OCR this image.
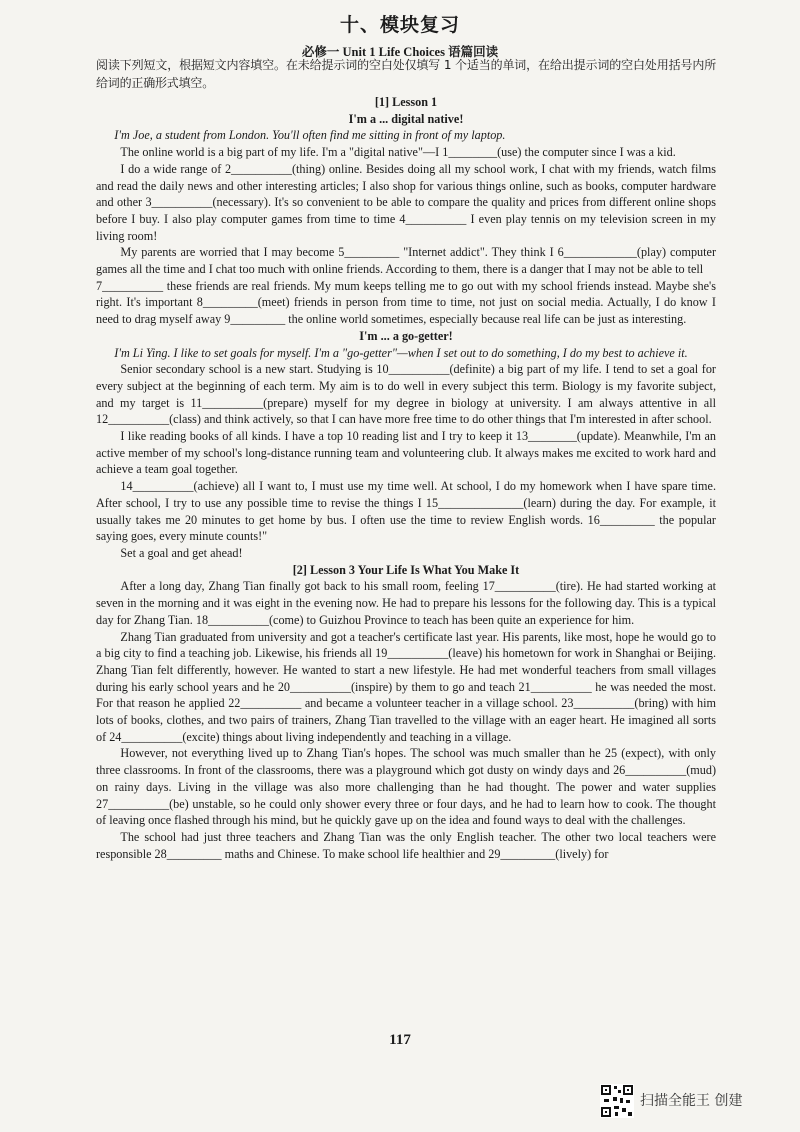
十、模块复习
必修一 Unit 1 Life Choices 语篇回读
阅读下列短文，根据短文内容填空。在未给提示词的空白处仅填写 1 个适当的单词，在给出提示词的空白处用括号内所给词的正确形式填空。

[1] Lesson 1

I'm a ... digital native!

I'm Joe, a student from London. You'll often find me sitting in front of my laptop.

The online world is a big part of my life. I'm a "digital native"—I 1________(use) the computer since I was a kid.

I do a wide range of 2__________(thing) online. Besides doing all my school work, I chat with my friends, watch films and read the daily news and other interesting articles; I also shop for various things online, such as books, computer hardware and other 3__________(necessary). It's so convenient to be able to compare the quality and prices from different online shops before I buy. I also play computer games from time to time 4__________ I even play tennis on my television screen in my living room!

My parents are worried that I may become 5_________ "Internet addict". They think I 6____________(play) computer games all the time and I chat too much with online friends. According to them, there is a danger that I may not be able to tell

7__________ these friends are real friends. My mum keeps telling me to go out with my school friends instead. Maybe she's right. It's important 8_________(meet) friends in person from time to time, not just on social media. Actually, I do know I need to drag myself away 9_________ the online world sometimes, especially because real life can be just as interesting.

I'm ... a go-getter!

I'm Li Ying. I like to set goals for myself. I'm a "go-getter"—when I set out to do something, I do my best to achieve it.

Senior secondary school is a new start. Studying is 10__________(definite) a big part of my life. I tend to set a goal for every subject at the beginning of each term. My aim is to do well in every subject this term. Biology is my favorite subject, and my target is 11__________(prepare) myself for my degree in biology at university. I am always attentive in all 12__________(class) and think actively, so that I can have more free time to do other things that I'm interested in after school.

I like reading books of all kinds. I have a top 10 reading list and I try to keep it 13________(update). Meanwhile, I'm an active member of my school's long-distance running team and volunteering club. It always makes me excited to work hard and achieve a team goal together.

14__________(achieve) all I want to, I must use my time well. At school, I do my homework when I have spare time. After school, I try to use any possible time to revise the things I 15______________(learn) during the day. For example, it usually takes me 20 minutes to get home by bus. I often use the time to review English words. 16_________ the popular saying goes, every minute counts!"

Set a goal and get ahead!

[2] Lesson 3 Your Life Is What You Make It

After a long day, Zhang Tian finally got back to his small room, feeling 17__________(tire). He had started working at seven in the morning and it was eight in the evening now. He had to prepare his lessons for the following day. This is a typical day for Zhang Tian. 18__________(come) to Guizhou Province to teach has been quite an experience for him.

Zhang Tian graduated from university and got a teacher's certificate last year. His parents, like most, hope he would go to a big city to find a teaching job. Likewise, his friends all 19__________(leave) his hometown for work in Shanghai or Beijing. Zhang Tian felt differently, however. He wanted to start a new lifestyle. He had met wonderful teachers from small villages during his early school years and he 20__________(inspire) by them to go and teach 21__________ he was needed the most. For that reason he applied 22__________ and became a volunteer teacher in a village school. 23__________(bring) with him lots of books, clothes, and two pairs of trainers, Zhang Tian travelled to the village with an eager heart. He imagined all sorts of 24__________(excite) things about living independently and teaching in a village.

However, not everything lived up to Zhang Tian's hopes. The school was much smaller than he 25 (expect), with only three classrooms. In front of the classrooms, there was a playground which got dusty on windy days and 26__________(mud) on rainy days. Living in the village was also more challenging than he had thought. The power and water supplies 27__________(be) unstable, so he could only shower every three or four days, and he had to learn how to cook. The thought of leaving once flashed through his mind, but he quickly gave up on the idea and found ways to deal with the challenges.

The school had just three teachers and Zhang Tian was the only English teacher. The other two local teachers were responsible 28_________ maths and Chinese. To make school life healthier and 29_________(lively) for

117
扫描全能王 创建
